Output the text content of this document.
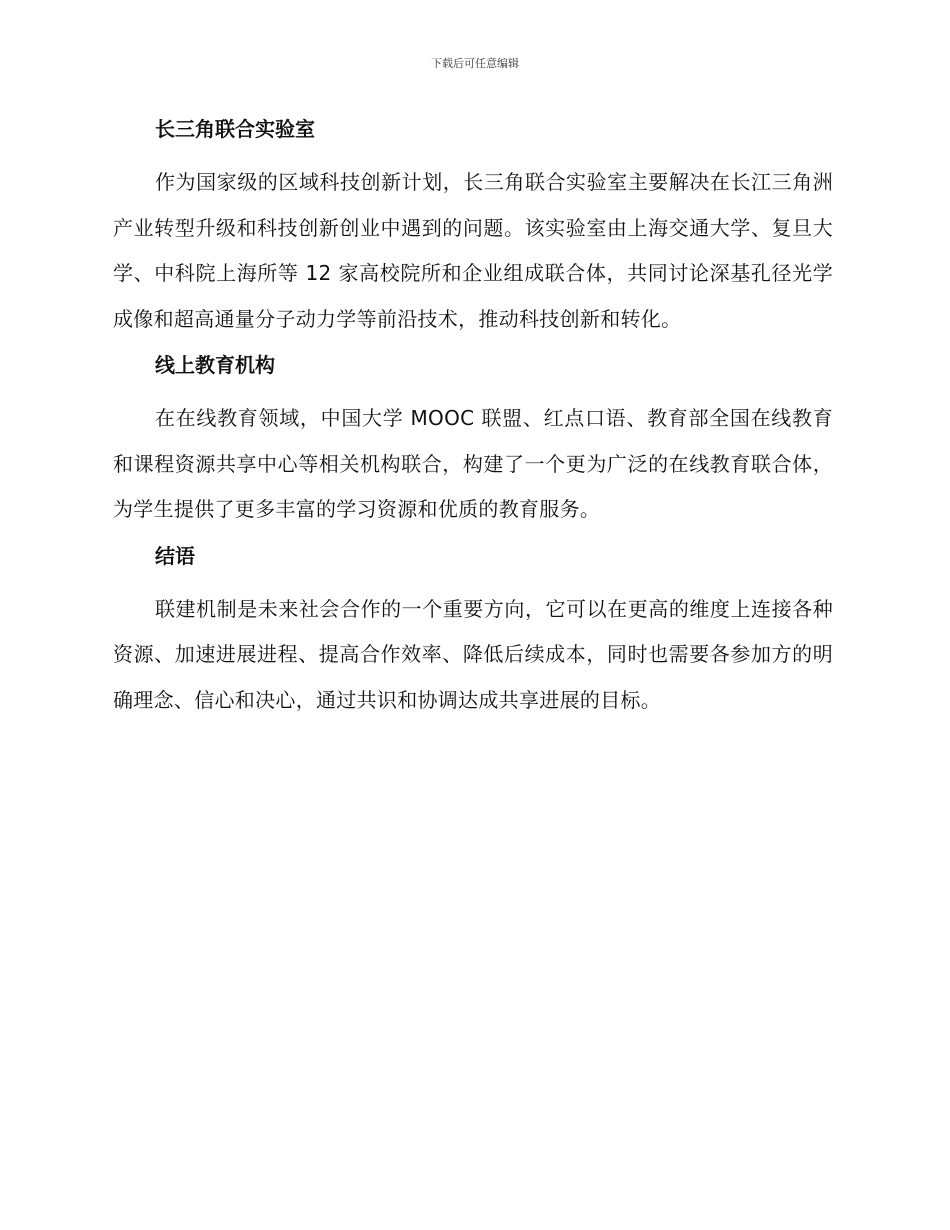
下载后可任意编辑
长三角联合实验室

作为国家级的区域科技创新计划，长三角联合实验室主要解决在长江三角洲产业转型升级和科技创新创业中遇到的问题。该实验室由上海交通大学、复旦大学、中科院上海所等 12 家高校院所和企业组成联合体，共同讨论深基孔径光学成像和超高通量分子动力学等前沿技术，推动科技创新和转化。

线上教育机构

在在线教育领域，中国大学 MOOC 联盟、红点口语、教育部全国在线教育和课程资源共享中心等相关机构联合，构建了一个更为广泛的在线教育联合体，为学生提供了更多丰富的学习资源和优质的教育服务。

结语

联建机制是未来社会合作的一个重要方向，它可以在更高的维度上连接各种资源、加速进展进程、提高合作效率、降低后续成本，同时也需要各参加方的明确理念、信心和决心，通过共识和协调达成共享进展的目标。
